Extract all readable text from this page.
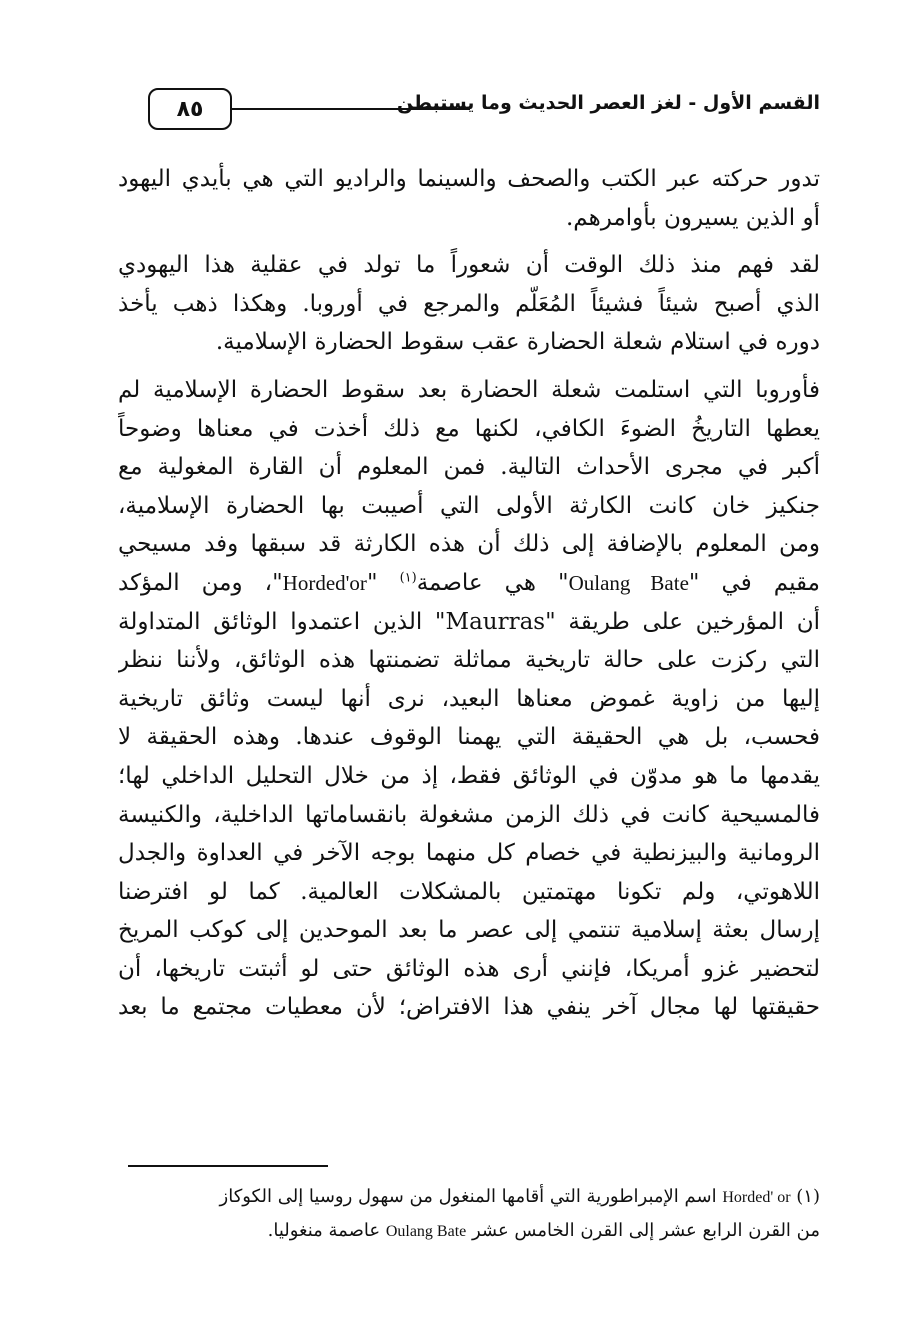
٨٥	القسم الأول - لغز العصر الحديث وما يستبطن
تدور حركته عبر الكتب والصحف والسينما والراديو التي هي بأيدي اليهود
أو الذين يسيرون بأوامرهم.
لقد فهم منذ ذلك الوقت أن شعوراً ما تولد في عقلية هذا اليهودي
الذي أصبح شيئاً فشيئاً المُعَلّم والمرجع في أوروبا. وهكذا ذهب يأخذ
دوره في استلام شعلة الحضارة عقب سقوط الحضارة الإسلامية.
فأوروبا التي استلمت شعلة الحضارة بعد سقوط الحضارة الإسلامية لم
يعطها التاريخُ الضوءَ الكافي، لكنها مع ذلك أخذت في معناها وضوحاً
أكبر في مجرى الأحداث التالية. فمن المعلوم أن القارة المغولية مع
جنكيز خان كانت الكارثة الأولى التي أصيبت بها الحضارة الإسلامية،
ومن المعلوم بالإضافة إلى ذلك أن هذه الكارثة قد سبقها وفد مسيحي
مقيم في "Oulang Bate" هي عاصمة$^{(١)}$ "Horded'or"، ومن المؤكد
أن المؤرخين على طريقة "Maurras" الذين اعتمدوا الوثائق المتداولة
التي ركزت على حالة تاريخية مماثلة تضمنتها هذه الوثائق، ولأننا ننظر
إليها من زاوية غموض معناها البعيد، نرى أنها ليست وثائق تاريخية
فحسب، بل هي الحقيقة التي يهمنا الوقوف عندها. وهذه الحقيقة لا
يقدمها ما هو مدوّن في الوثائق فقط، إذ من خلال التحليل الداخلي لها؛
فالمسيحية كانت في ذلك الزمن مشغولة بانقساماتها الداخلية، والكنيسة
الرومانية والبيزنطية في خصام كل منهما بوجه الآخر في العداوة والجدل
اللاهوتي، ولم تكونا مهتمتين بالمشكلات العالمية. كما لو افترضنا
إرسال بعثة إسلامية تنتمي إلى عصر ما بعد الموحدين إلى كوكب المريخ
لتحضير غزو أمريكا، فإنني أرى هذه الوثائق حتى لو أثبتت تاريخها، أن
حقيقتها لها مجال آخر ينفي هذا الافتراض؛ لأن معطيات مجتمع ما بعد
(١) Horded' or اسم الإمبراطورية التي أقامها المنغول من سهول روسيا إلى الكوكاز
من القرن الرابع عشر إلى القرن الخامس عشر Oulang Bate عاصمة منغوليا.
